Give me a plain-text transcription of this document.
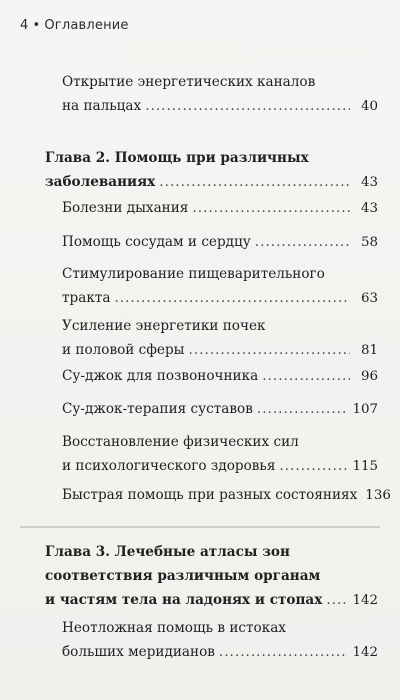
4 • Оглавление
Открытие энергетических каналов
на пальцах .....	40
Глава 2. Помощь при различных
заболеваниях .....	43
Болезни дыхания .....	43
Помощь сосудам и сердцу .....	58
Стимулирование пищеварительного
тракта .....	63
Усиление энергетики почек
и половой сферы .....	81
Су-джок для позвоночника .....	96
Су-джок-терапия суставов .....	107
Восстановление физических сил
и психологического здоровья .....	115
Быстрая помощь при разных состояниях 136
Глава 3. Лечебные атласы зон
соответствия различным органам
и частям тела на ладонях и стопах ..... 142
Неотложная помощь в истоках
больших меридианов .....	142
